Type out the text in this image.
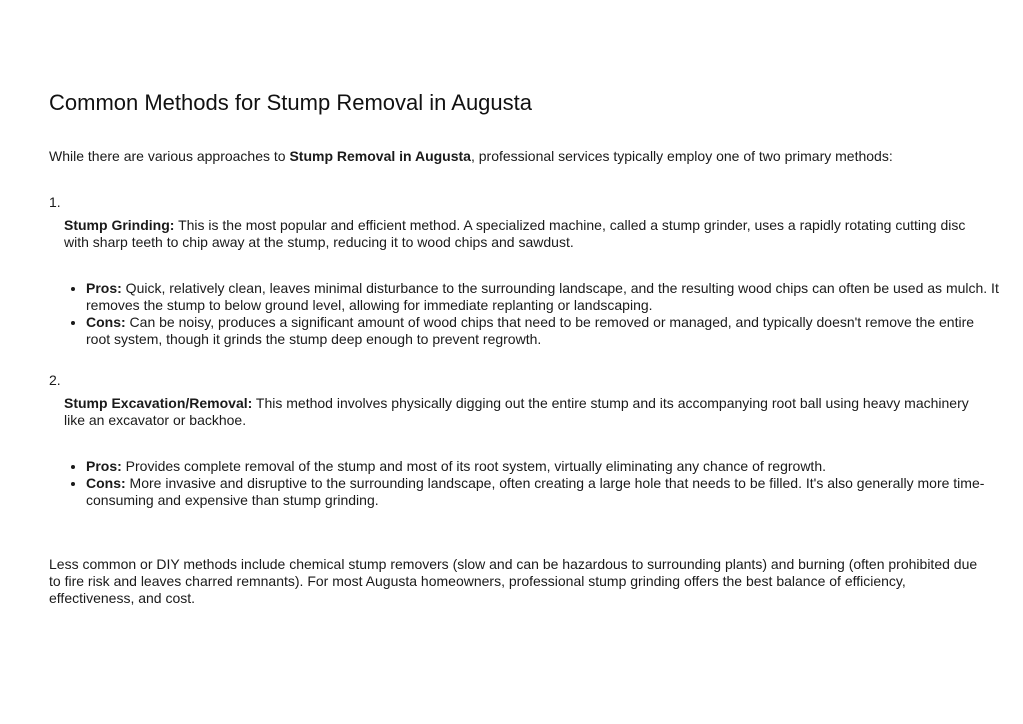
Common Methods for Stump Removal in Augusta

While there are various approaches to Stump Removal in Augusta, professional services typically employ one of two primary methods:

1.

Stump Grinding: This is the most popular and efficient method. A specialized machine, called a stump grinder, uses a rapidly rotating cutting disc with sharp teeth to chip away at the stump, reducing it to wood chips and sawdust.

• Pros: Quick, relatively clean, leaves minimal disturbance to the surrounding landscape, and the resulting wood chips can often be used as mulch. It removes the stump to below ground level, allowing for immediate replanting or landscaping.
• Cons: Can be noisy, produces a significant amount of wood chips that need to be removed or managed, and typically doesn't remove the entire root system, though it grinds the stump deep enough to prevent regrowth.
2.

Stump Excavation/Removal: This method involves physically digging out the entire stump and its accompanying root ball using heavy machinery like an excavator or backhoe.

• Pros: Provides complete removal of the stump and most of its root system, virtually eliminating any chance of regrowth.
• Cons: More invasive and disruptive to the surrounding landscape, often creating a large hole that needs to be filled. It's also generally more time-consuming and expensive than stump grinding.

Less common or DIY methods include chemical stump removers (slow and can be hazardous to surrounding plants) and burning (often prohibited due to fire risk and leaves charred remnants). For most Augusta homeowners, professional stump grinding offers the best balance of efficiency, effectiveness, and cost.
